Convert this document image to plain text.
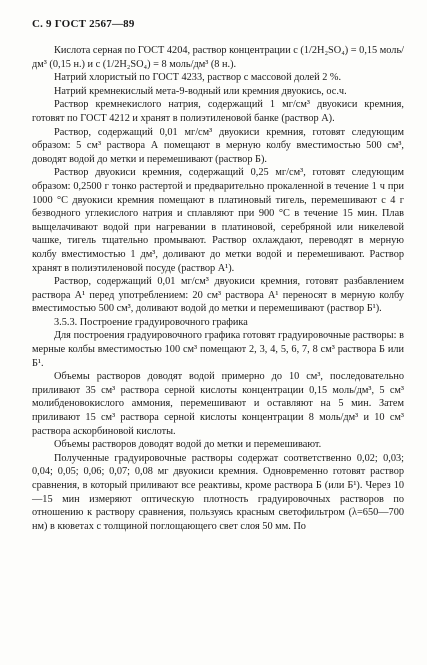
С. 9 ГОСТ 2567—89

Кислота серная по ГОСТ 4204, раствор концентрации c (1/2H₂SO₄) = 0,15 моль/дм³ (0,15 н.) и c (1/2H₂SO₄) = 8 моль/дм³ (8 н.).

Натрий хлористый по ГОСТ 4233, раствор с массовой долей 2 %.

Натрий кремнекислый мета-9-водный или кремния двуокись, ос.ч.

Раствор кремнекислого натрия, содержащий 1 мг/см³ двуокиси кремния, готовят по ГОСТ 4212 и хранят в полиэтиленовой банке (раствор А).

Раствор, содержащий 0,01 мг/см³ двуокиси кремния, готовят следующим образом: 5 см³ раствора А помещают в мерную колбу вместимостью 500 см³, доводят водой до метки и перемешивают (раствор Б).

Раствор двуокиси кремния, содержащий 0,25 мг/см³, готовят следующим образом: 0,2500 г тонко растертой и предварительно прокаленной в течение 1 ч при 1000 °С двуокиси кремния помещают в платиновый тигель, перемешивают с 4 г безводного углекислого натрия и сплавляют при 900 °С в течение 15 мин. Плав выщелачивают водой при нагревании в платиновой, серебряной или никелевой чашке, тигель тщательно промывают. Раствор охлаждают, переводят в мерную колбу вместимостью 1 дм³, доливают до метки водой и перемешивают. Раствор хранят в полиэтиленовой посуде (раствор А¹).

Раствор, содержащий 0,01 мг/см³ двуокиси кремния, готовят разбавлением раствора А¹ перед употреблением: 20 см³ раствора А¹ переносят в мерную колбу вместимостью 500 см³, доливают водой до метки и перемешивают (раствор Б¹).

3.5.3. Построение градуировочного графика

Для построения градуировочного графика готовят градуировочные растворы: в мерные колбы вместимостью 100 см³ помещают 2, 3, 4, 5, 6, 7, 8 см³ раствора Б или Б¹.

Объемы растворов доводят водой примерно до 10 см³, последовательно приливают 35 см³ раствора серной кислоты концентрации 0,15 моль/дм³, 5 см³ молибденовокислого аммония, перемешивают и оставляют на 5 мин. Затем приливают 15 см³ раствора серной кислоты концентрации 8 моль/дм³ и 10 см³ раствора аскорбиновой кислоты.

Объемы растворов доводят водой до метки и перемешивают.

Полученные градуировочные растворы содержат соответственно 0,02; 0,03; 0,04; 0,05; 0,06; 0,07; 0,08 мг двуокиси кремния. Одновременно готовят раствор сравнения, в который приливают все реактивы, кроме раствора Б (или Б¹). Через 10—15 мин измеряют оптическую плотность градуировочных растворов по отношению к раствору сравнения, пользуясь красным светофильтром (λ=650—700 нм) в кюветах с толщиной поглощающего свет слоя 50 мм. По
